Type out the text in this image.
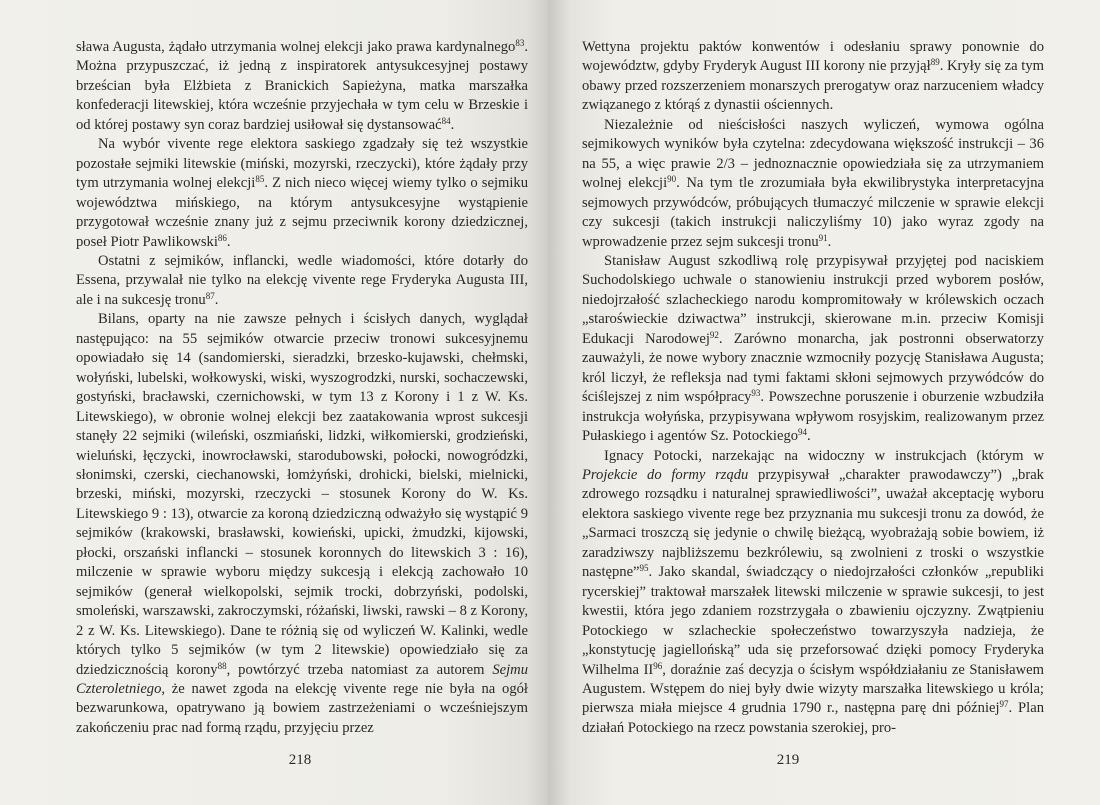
sława Augusta, żądało utrzymania wolnej elekcji jako prawa kardynalnego$^{83}$. Można przypuszczać, iż jedną z inspiratorek antysukcesyjnej postawy brześcian była Elżbieta z Branickich Sapieżyna, matka marszałka konfederacji litewskiej, która wcześnie przyjechała w tym celu w Brzeskie i od której postawy syn coraz bardziej usiłował się dystansować$^{84}$.

Na wybór vivente rege elektora saskiego zgadzały się też wszystkie pozostałe sejmiki litewskie (miński, mozyrski, rzeczycki), które żądały przy tym utrzymania wolnej elekcji$^{85}$. Z nich nieco więcej wiemy tylko o sejmiku województwa mińskiego, na którym antysukcesyjne wystąpienie przygotował wcześnie znany już z sejmu przeciwnik korony dziedzicznej, poseł Piotr Pawlikowski$^{86}$.

Ostatni z sejmików, inflancki, wedle wiadomości, które dotarły do Essena, przywalał nie tylko na elekcję vivente rege Fryderyka Augusta III, ale i na sukcesję tronu$^{87}$.

Bilans, oparty na nie zawsze pełnych i ścisłych danych, wyglądał następująco: na 55 sejmików otwarcie przeciw tronowi sukcesyjnemu opowiadało się 14 (sandomierski, sieradzki, brzesko-kujawski, chełmski, wołyński, lubelski, wołkowyski, wiski, wyszogrodzki, nurski, sochaczewski, gostyński, bracławski, czernichowski, w tym 13 z Korony i 1 z W. Ks. Litewskiego), w obronie wolnej elekcji bez zaatakowania wprost sukcesji stanęły 22 sejmiki (wileński, oszmiański, lidzki, wiłkomierski, grodzieński, wieluński, łęczycki, inowrocławski, starodubowski, połocki, nowogródzki, słonimski, czerski, ciechanowski, łomżyński, drohicki, bielski, mielnicki, brzeski, miński, mozyrski, rzeczycki – stosunek Korony do W. Ks. Litewskiego 9 : 13), otwarcie za koroną dziedziczną odważyło się wystąpić 9 sejmików (krakowski, brasławski, kowieński, upicki, żmudzki, kijowski, płocki, orszański inflancki – stosunek koronnych do litewskich 3 : 16), milczenie w sprawie wyboru między sukcesją i elekcją zachowało 10 sejmików (generał wielkopolski, sejmik trocki, dobrzyński, podolski, smoleński, warszawski, zakroczymski, różański, liwski, rawski – 8 z Korony, 2 z W. Ks. Litewskiego). Dane te różnią się od wyliczeń W. Kalinki, wedle których tylko 5 sejmików (w tym 2 litewskie) opowiedziało się za dziedzicznością korony$^{88}$, powtórzyć trzeba natomiast za autorem Sejmu Czteroletniego, że nawet zgoda na elekcję vivente rege nie była na ogół bezwarunkowa, opatrywano ją bowiem zastrzeżeniami o wcześniejszym zakończeniu prac nad formą rządu, przyjęciu przez

218

Wettyna projektu paktów konwentów i odesłaniu sprawy ponownie do województw, gdyby Fryderyk August III korony nie przyjął$^{89}$. Kryły się za tym obawy przed rozszerzeniem monarszych prerogatyw oraz narzuceniem władcy związanego z którąś z dynastii ościennych.

Niezależnie od nieścisłości naszych wyliczeń, wymowa ogólna sejmikowych wyników była czytelna: zdecydowana większość instrukcji – 36 na 55, a więc prawie 2/3 – jednoznacznie opowiedziała się za utrzymaniem wolnej elekcji$^{90}$. Na tym tle zrozumiała była ekwilibrystyka interpretacyjna sejmowych przywódców, próbujących tłumaczyć milczenie w sprawie elekcji czy sukcesji (takich instrukcji naliczyliśmy 10) jako wyraz zgody na wprowadzenie przez sejm sukcesji tronu$^{91}$.

Stanisław August szkodliwą rolę przypisywał przyjętej pod naciskiem Suchodolskiego uchwale o stanowieniu instrukcji przed wyborem posłów, niedojrzałość szlacheckiego narodu kompromitowały w królewskich oczach „staroświeckie dziwactwa” instrukcji, skierowane m.in. przeciw Komisji Edukacji Narodowej$^{92}$. Zarówno monarcha, jak postronni obserwatorzy zauważyli, że nowe wybory znacznie wzmocniły pozycję Stanisława Augusta; król liczył, że refleksja nad tymi faktami skłoni sejmowych przywódców do ściślejszej z nim współpracy$^{93}$. Powszechne poruszenie i oburzenie wzbudziła instrukcja wołyńska, przypisywana wpływom rosyjskim, realizowanym przez Pułaskiego i agentów Sz. Potockiego$^{94}$.

Ignacy Potocki, narzekając na widoczny w instrukcjach (którym w Projekcie do formy rządu przypisywał „charakter prawodawczy”) „brak zdrowego rozsądku i naturalnej sprawiedliwości”, uważał akceptację wyboru elektora saskiego vivente rege bez przyznania mu sukcesji tronu za dowód, że „Sarmaci troszczą się jedynie o chwilę bieżącą, wyobrażają sobie bowiem, iż zaradziwszy najbliższemu bezkrólewiu, są zwolnieni z troski o wszystkie następne”$^{95}$. Jako skandal, świadczący o niedojrzałości członków „republiki rycerskiej” traktował marszałek litewski milczenie w sprawie sukcesji, to jest kwestii, która jego zdaniem rozstrzygała o zbawieniu ojczyzny. Zwątpieniu Potockiego w szlacheckie społeczeństwo towarzyszyła nadzieja, że „konstytucję jagiellońską” uda się przeforsować dzięki pomocy Fryderyka Wilhelma II$^{96}$, doraźnie zaś decyzja o ścisłym współdziałaniu ze Stanisławem Augustem. Wstępem do niej były dwie wizyty marszałka litewskiego u króla; pierwsza miała miejsce 4 grudnia 1790 r., następna parę dni później$^{97}$. Plan działań Potockiego na rzecz powstania szerokiej, pro-

219
